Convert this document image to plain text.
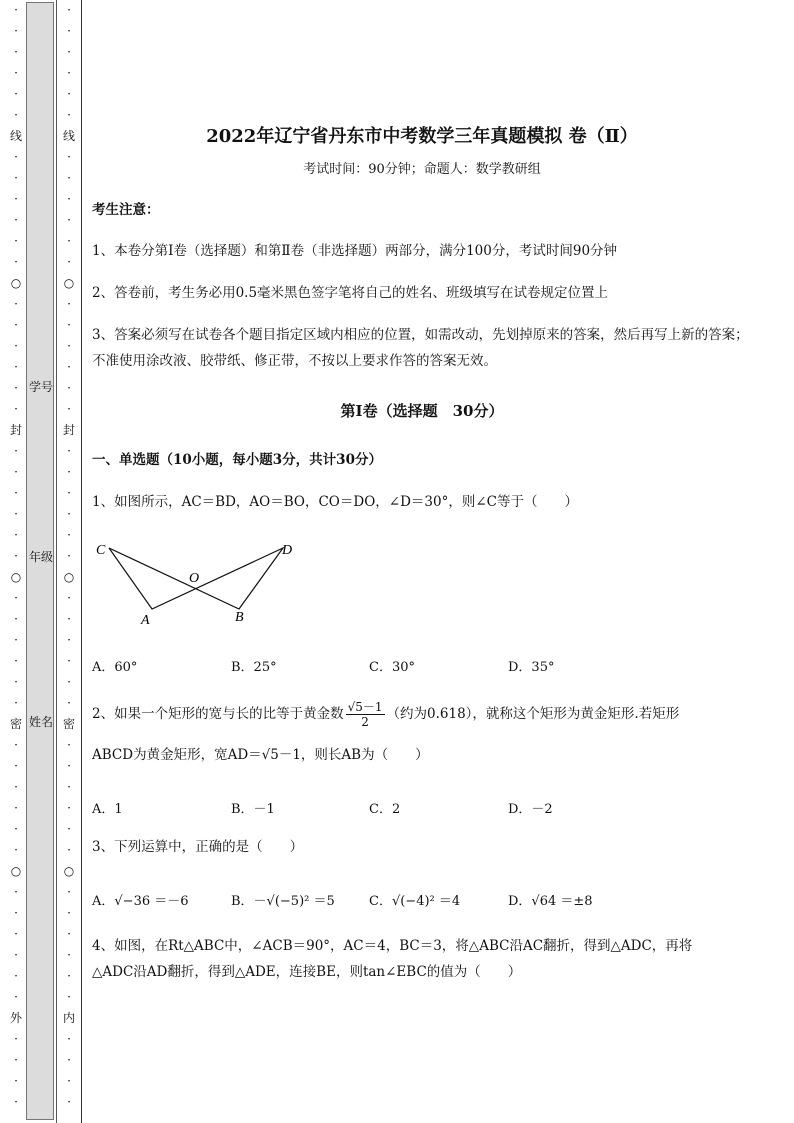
·
·
·
·
·
·
线
·
·
·
·
·
·
○
·
·
·
·
·
·
封
·
·
·
·
·
·
○
·
·
·
·
·
·
密
·
·
·
·
·
·
○
·
·
·
·
·
·
外
·
·
·
·
学号
年级
姓名
·
·
·
·
·
·
线
·
·
·
·
·
·
○
·
·
·
·
·
·
封
·
·
·
·
·
·
○
·
·
·
·
·
·
密
·
·
·
·
·
·
○
·
·
·
·
·
·
内
·
·
·
·
2022年辽宁省丹东市中考数学三年真题模拟 卷（Ⅱ）
考试时间：90分钟；命题人：数学教研组
考生注意：
1、本卷分第I卷（选择题）和第Ⅱ卷（非选择题）两部分，满分100分，考试时间90分钟
2、答卷前，考生务必用0.5毫米黑色签字笔将自己的姓名、班级填写在试卷规定位置上
3、答案必须写在试卷各个题目指定区域内相应的位置，如需改动，先划掉原来的答案，然后再写上新的答案；不准使用涂改液、胶带纸、修正带，不按以上要求作答的答案无效。
第I卷（选择题　30分）
一、单选题（10小题，每小题3分，共计30分）
1、如图所示，AC＝BD，AO＝BO，CO＝DO，∠D＝30°，则∠C等于（　　）
A．60°	B．25°	C．30°	D．35°
2、如果一个矩形的宽与长的比等于黄金数 $\frac{√5-1}{2}$ （约为0.618），就称这个矩形为黄金矩形.若矩形
ABCD为黄金矩形，宽AD＝√5－1，则长AB为（　　）
A．1	B．－1	C．2	D．－2
3、下列运算中，正确的是（　　）
A．√−36 ＝－6	B．－√(−5)² ＝5	C．√(−4)² ＝4	D．√64 ＝±8
4、如图，在Rt△ABC中，∠ACB＝90°，AC＝4，BC＝3，将△ABC沿AC翻折，得到△ADC，再将
△ADC沿AD翻折，得到△ADE，连接BE，则tan∠EBC的值为（　　）
C
O
D
A	B
